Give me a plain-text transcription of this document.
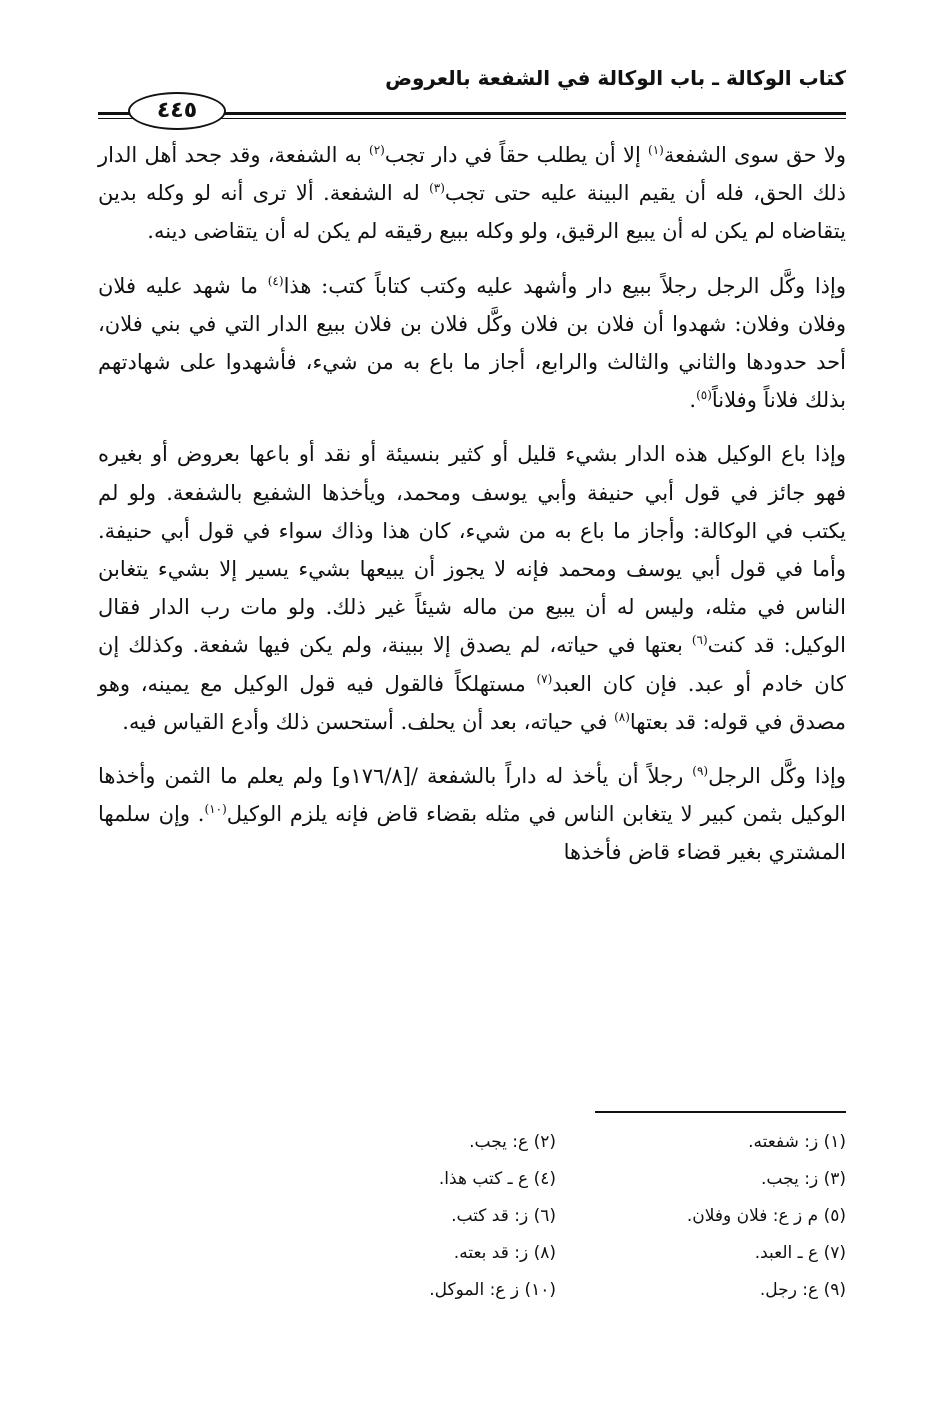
كتاب الوكالة ـ باب الوكالة في الشفعة بالعروض
٤٤٥

ولا حق سوى الشفعة$^{(١)}$ إلا أن يطلب حقاً في دار تجب$^{(٢)}$ به الشفعة، وقد جحد أهل الدار ذلك الحق، فله أن يقيم البينة عليه حتى تجب$^{(٣)}$ له الشفعة. ألا ترى أنه لو وكله بدين يتقاضاه لم يكن له أن يبيع الرقيق، ولو وكله ببيع رقيقه لم يكن له أن يتقاضى دينه.

وإذا وكَّل الرجل رجلاً ببيع دار وأشهد عليه وكتب كتاباً كتب: هذا$^{(٤)}$ ما شهد عليه فلان وفلان وفلان: شهدوا أن فلان بن فلان وكَّل فلان بن فلان ببيع الدار التي في بني فلان، أحد حدودها والثاني والثالث والرابع، أجاز ما باع به من شيء، فأشهدوا على شهادتهم بذلك فلاناً وفلاناً$^{(٥)}$.

وإذا باع الوكيل هذه الدار بشيء قليل أو كثير بنسيئة أو نقد أو باعها بعروض أو بغيره فهو جائز في قول أبي حنيفة وأبي يوسف ومحمد، ويأخذها الشفيع بالشفعة. ولو لم يكتب في الوكالة: وأجاز ما باع به من شيء، كان هذا وذاك سواء في قول أبي حنيفة. وأما في قول أبي يوسف ومحمد فإنه لا يجوز أن يبيعها بشيء يسير إلا بشيء يتغابن الناس في مثله، وليس له أن يبيع من ماله شيئاً غير ذلك. ولو مات رب الدار فقال الوكيل: قد كنت$^{(٦)}$ بعتها في حياته، لم يصدق إلا ببينة، ولم يكن فيها شفعة. وكذلك إن كان خادم أو عبد. فإن كان العبد$^{(٧)}$ مستهلكاً فالقول فيه قول الوكيل مع يمينه، وهو مصدق في قوله: قد بعتها$^{(٨)}$ في حياته، بعد أن يحلف. أستحسن ذلك وأدع القياس فيه.

وإذا وكَّل الرجل$^{(٩)}$ رجلاً أن يأخذ له داراً بالشفعة /[١٧٦/٨و] ولم يعلم ما الثمن وأخذها الوكيل بثمن كبير لا يتغابن الناس في مثله بقضاء قاض فإنه يلزم الوكيل$^{(١٠)}$. وإن سلمها المشتري بغير قضاء قاض فأخذها

(١) ز: شفعته.
(٢) ع: يجب.
(٣) ز: يجب.
(٤) ع ـ كتب هذا.
(٥) م ز ع: فلان وفلان.
(٦) ز: قد كتب.
(٧) ع ـ العبد.
(٨) ز: قد بعته.
(٩) ع: رجل.
(١٠) ز ع: الموكل.
